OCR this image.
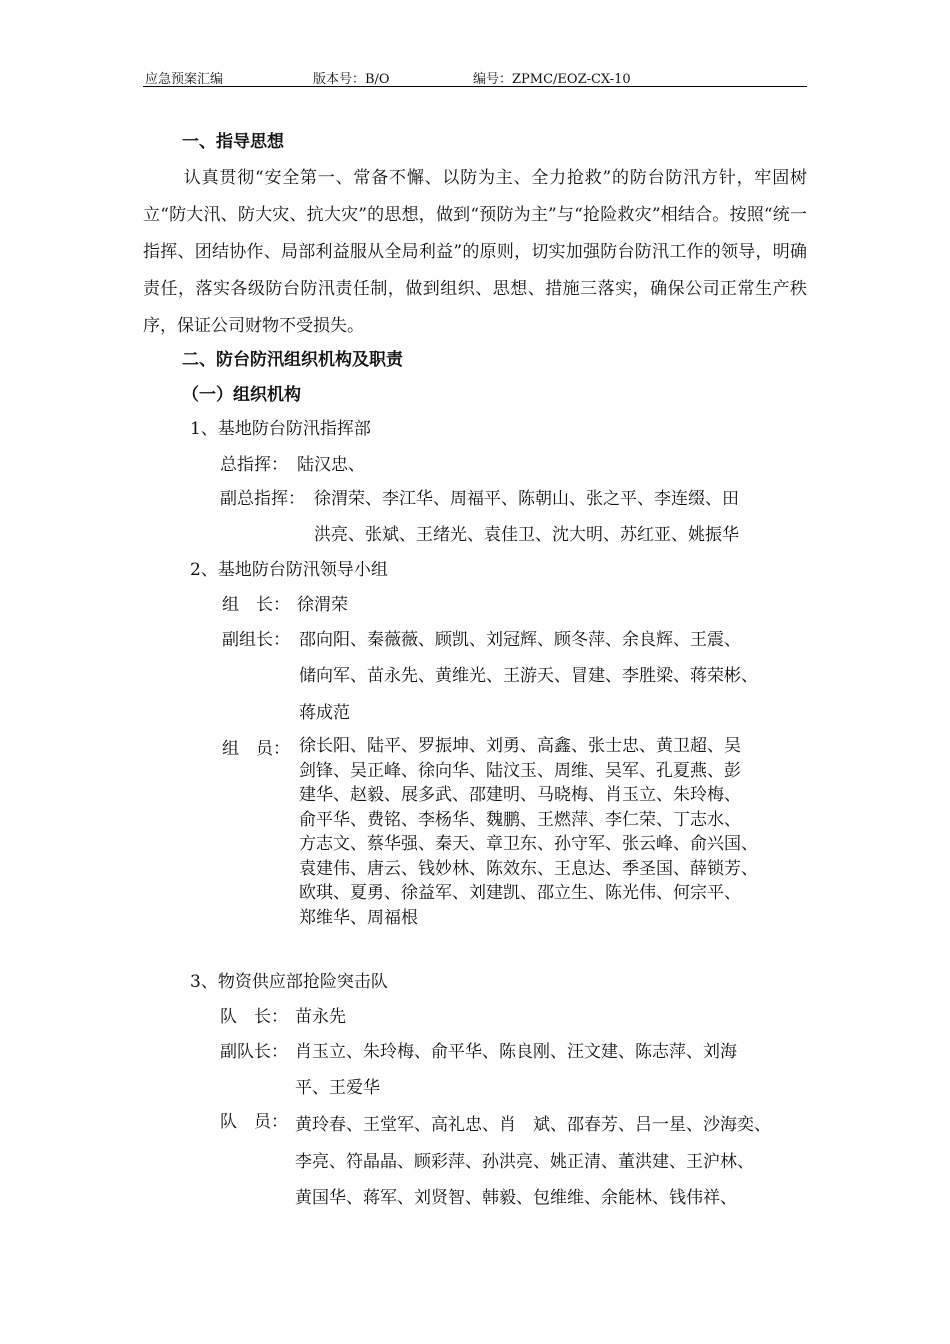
应急预案汇编	版本号：B/O	编号：ZPMC/EOZ-CX-10
一、指导思想
认真贯彻“安全第一、常备不懈、以防为主、全力抢救”的防台防汛方针，牢固树立“防大汛、防大灾、抗大灾”的思想，做到“预防为主”与“抢险救灾”相结合。按照“统一指挥、团结协作、局部利益服从全局利益”的原则，切实加强防台防汛工作的领导，明确责任，落实各级防台防汛责任制，做到组织、思想、措施三落实，确保公司正常生产秩序，保证公司财物不受损失。
二、防台防汛组织机构及职责
（一）组织机构
1、基地防台防汛指挥部
总指挥： 陆汉忠、
副总指挥： 徐渭荣、李江华、周福平、陈朝山、张之平、李连缀、田
洪亮、张斌、王绪光、袁佳卫、沈大明、苏红亚、姚振华
2、基地防台防汛领导小组
组　长： 徐渭荣
副组长： 邵向阳、秦薇薇、顾凯、刘冠辉、顾冬萍、余良辉、王震、
储向军、苗永先、黄维光、王游天、冒建、李胜梁、蒋荣彬、
蒋成范
组　员： 徐长阳、陆平、罗振坤、刘勇、高鑫、张士忠、黄卫超、吴
剑锋、吴正峰、徐向华、陆汶玉、周维、吴军、孔夏燕、彭
建华、赵毅、展多武、邵建明、马晓梅、肖玉立、朱玲梅、
俞平华、费铭、李杨华、魏鹏、王燃萍、李仁荣、丁志水、
方志文、蔡华强、秦天、章卫东、孙守军、张云峰、俞兴国、
袁建伟、唐云、钱妙林、陈效东、王息达、季圣国、薛锁芳、
欧琪、夏勇、徐益军、刘建凯、邵立生、陈光伟、何宗平、
郑维华、周福根
3、物资供应部抢险突击队
队　长： 苗永先
副队长： 肖玉立、朱玲梅、俞平华、陈良刚、汪文建、陈志萍、刘海
平、王爱华
队　员： 黄玲春、王堂军、高礼忠、肖　斌、邵春芳、吕一星、沙海奕、
李亮、符晶晶、顾彩萍、孙洪亮、姚正清、董洪建、王沪林、
黄国华、蒋军、刘贤智、韩毅、包维维、余能林、钱伟祥、
